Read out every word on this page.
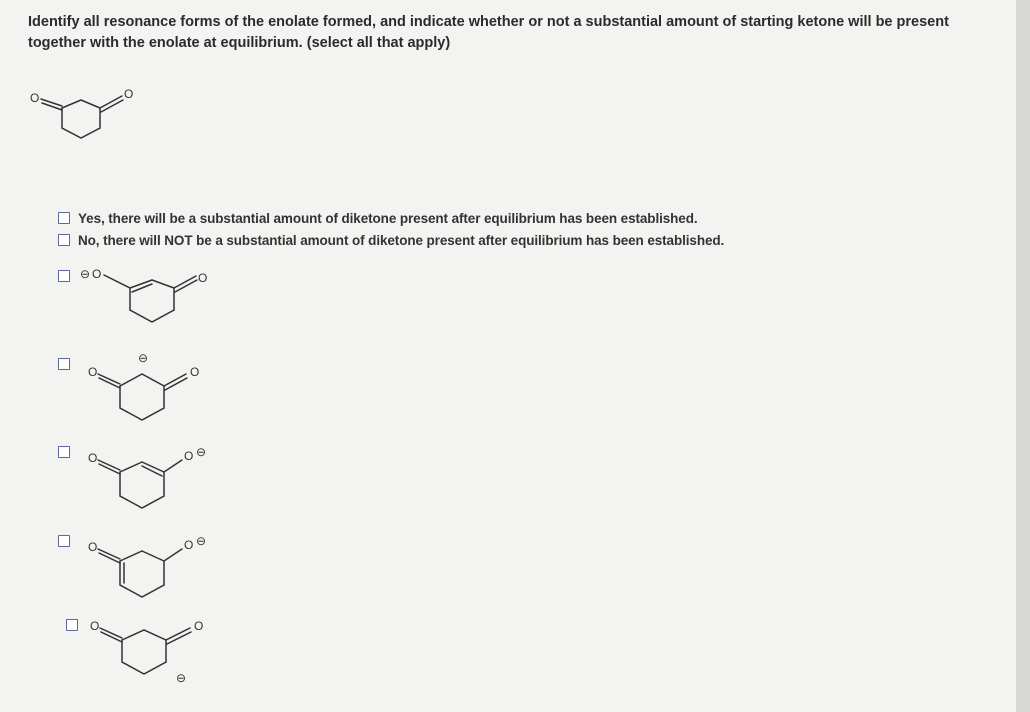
Identify all resonance forms of the enolate formed, and indicate whether or not a substantial amount of starting ketone will be present together with the enolate at equilibrium. (select all that apply)
O	O
Yes, there will be a substantial amount of diketone present after equilibrium has been established.
No, there will NOT be a substantial amount of diketone present after equilibrium has been established.
⊖ O	O
O
⊖
O
O	O ⊖
O	O ⊖
O	O
⊖
